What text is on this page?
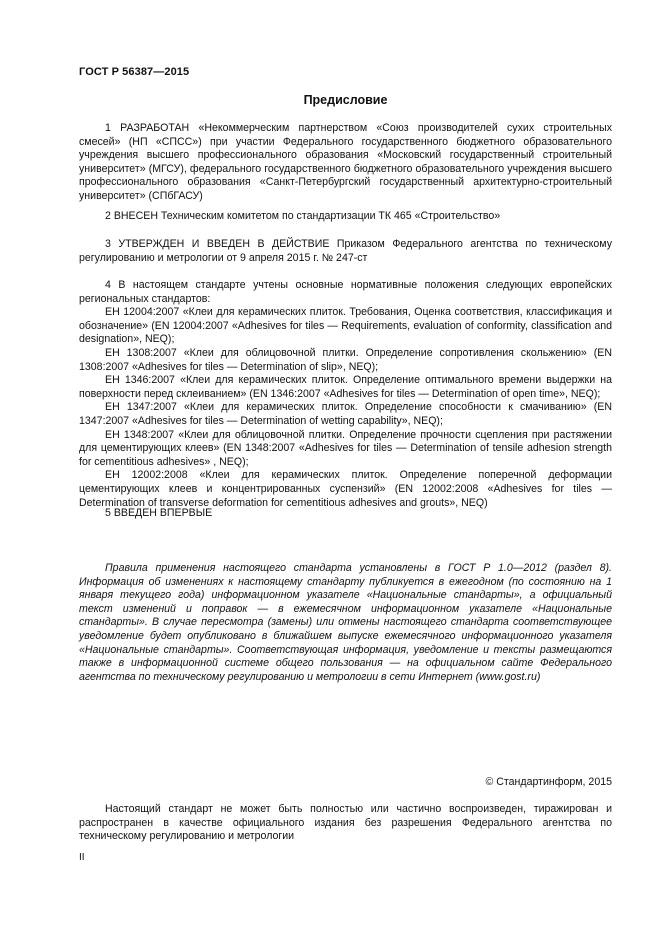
ГОСТ Р 56387—2015
Предисловие

1 РАЗРАБОТАН «Некоммерческим партнерством «Союз производителей сухих строительных смесей» (НП «СПСС») при участии Федерального государственного бюджетного образовательного учреждения высшего профессионального образования «Московский государственный строительный университет» (МГСУ), федерального государственного бюджетного образовательного учреждения высшего профессионального образования «Санкт-Петербургский государственный архитектурно-строительный университет» (СПбГАСУ)

2 ВНЕСЕН Техническим комитетом по стандартизации ТК 465 «Строительство»

3 УТВЕРЖДЕН И ВВЕДЕН В ДЕЙСТВИЕ Приказом Федерального агентства по техническому регулированию и метрологии от 9 апреля 2015 г. № 247-ст

4 В настоящем стандарте учтены основные нормативные положения следующих европейских региональных стандартов:

ЕН 12004:2007 «Клеи для керамических плиток. Требования, Оценка соответствия, классификация и обозначение» (EN 12004:2007 «Adhesives for tiles — Requirements, evaluation of conformity, classification and designation», NEQ);

ЕН 1308:2007 «Клеи для облицовочной плитки. Определение сопротивления скольжению» (EN 1308:2007 «Adhesives for tiles — Determination of slip», NEQ);

ЕН 1346:2007 «Клеи для керамических плиток. Определение оптимального времени выдержки на поверхности перед склеиванием» (EN 1346:2007 «Adhesives for tiles — Determination of open time», NEQ);

ЕН 1347:2007 «Клеи для керамических плиток. Определение способности к смачиванию» (EN 1347:2007 «Adhesives for tiles — Determination of wetting capability», NEQ);

ЕН 1348:2007 «Клеи для облицовочной плитки. Определение прочности сцепления при растяжении для цементирующих клеев» (EN 1348:2007 «Adhesives for tiles — Determination of tensile adhesion strength for cementitious adhesives» , NEQ);

ЕН 12002:2008 «Клеи для керамических плиток. Определение поперечной деформации цементирующих клеев и концентрированных суспензий» (EN 12002:2008 «Adhesives for tiles — Determination of transverse deformation for cementitious adhesives and grouts», NEQ)

5 ВВЕДЕН ВПЕРВЫЕ

Правила применения настоящего стандарта установлены в ГОСТ Р 1.0—2012 (раздел 8). Информация об изменениях к настоящему стандарту публикуется в ежегодном (по состоянию на 1 января текущего года) информационном указателе «Национальные стандарты», а официальный текст изменений и поправок — в ежемесячном информационном указателе «Национальные стандарты». В случае пересмотра (замены) или отмены настоящего стандарта соответствующее уведомление будет опубликовано в ближайшем выпуске ежемесячного информационного указателя «Национальные стандарты». Соответствующая информация, уведомление и тексты размещаются также в информационной системе общего пользования — на официальном сайте Федерального агентства по техническому регулированию и метрологии в сети Интернет (www.gost.ru)

© Стандартинформ, 2015

Настоящий стандарт не может быть полностью или частично воспроизведен, тиражирован и распространен в качестве официального издания без разрешения Федерального агентства по техническому регулированию и метрологии

II
